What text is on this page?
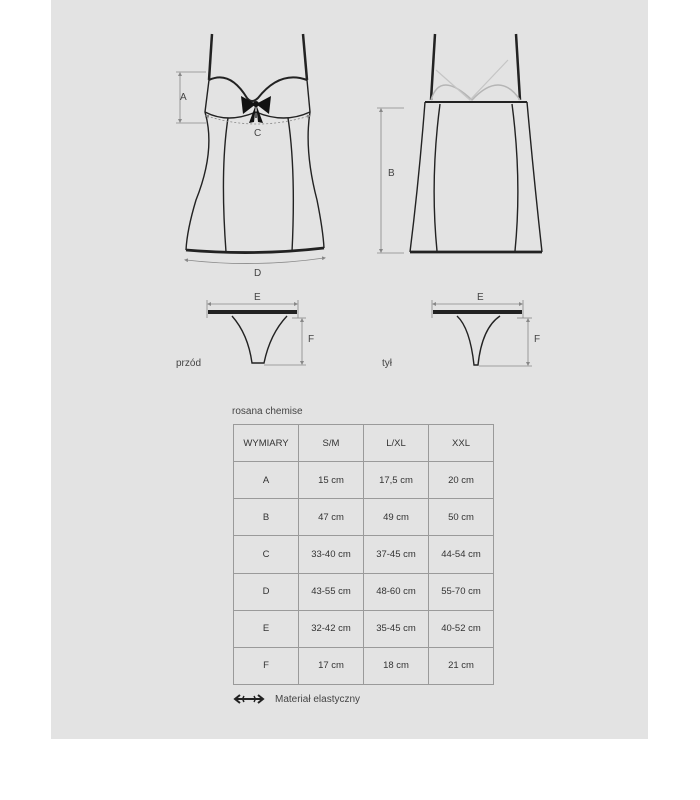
A
C
D
B
E
F
E
F
przód	tył
rosana chemise
WYMIARY	S/M	L/XL	XXL
A	15 cm	17,5 cm	20 cm
B	47 cm	49 cm	50 cm
C	33-40 cm	37-45 cm	44-54 cm
D	43-55 cm	48-60 cm	55-70 cm
E	32-42 cm	35-45 cm	40-52 cm
F	17 cm	18 cm	21 cm
Materiał elastyczny
